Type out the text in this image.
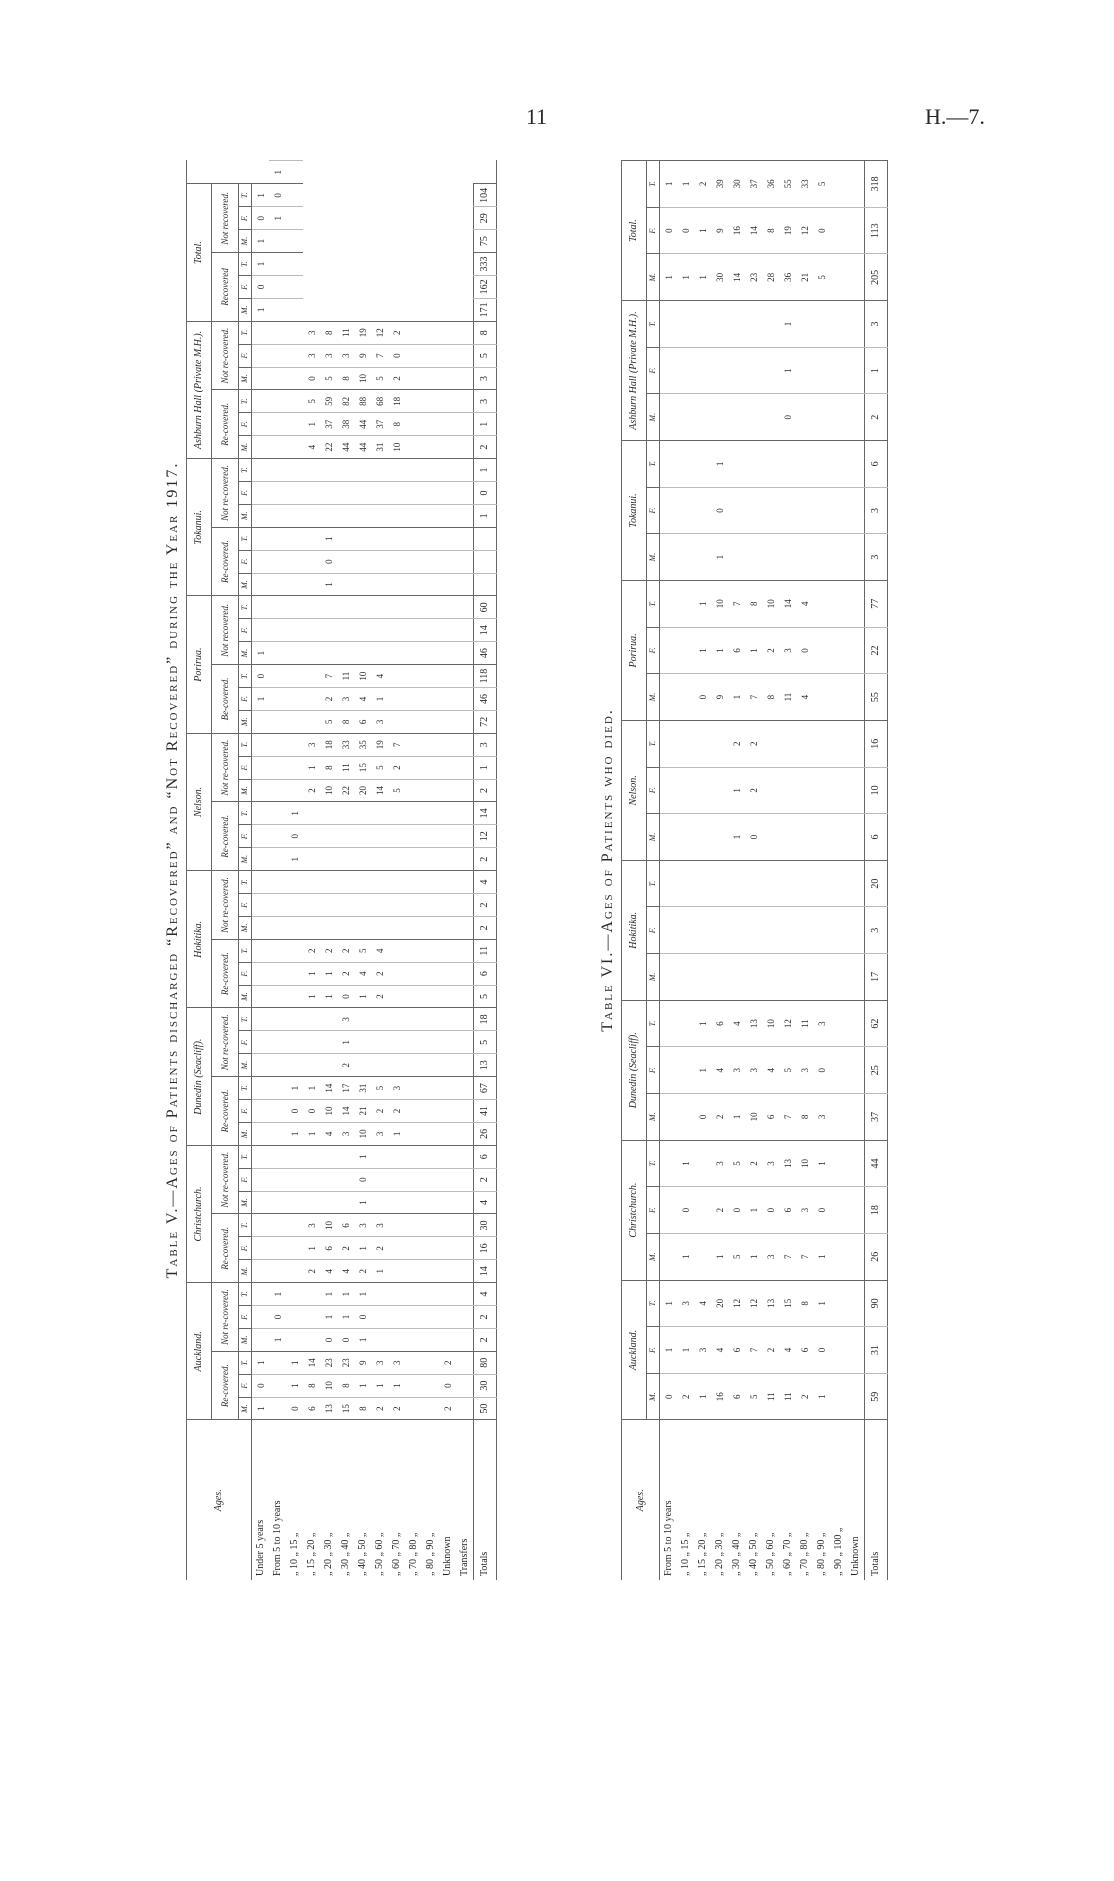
11	H.—7.
Table V.—Ages of Patients discharged “Recovered” and “Not Recovered” during the Year 1917.
Ages.	Auckland.						Christchurch.						Dunedin (Seacliff).						Hokitika.						Nelson.						Porirua.						Tokanui.						Ashburn Hall (Private M.H.).						Total.						
	Re-covered.			Not re-covered.			Re-covered.			Not re-covered.			Re-covered.			Not re-covered.			Re-covered.			Not re-covered.			Re-covered.			Not re-covered.			Be-covered.			Not recovered.			Re-covered.			Not re-covered.			Re-covered.			Not re-covered.			Recovered			Not recovered.			
	M.	F.	T.	M.	F.	T.	M.	F.	T.	M.	F.	T.	M.	F.	T.	M.	F.	T.	M.	F.	T.	M.	F.	T.	M.	F.	T.	M.	F.	T.	M.	F.	T.	M.	F.	T.	M.	F.	T.	M.	F.	T.	M.	F.	T.	M.	F.	T.	M.	F.	T.	M.	F.	T.	
Under 5 years	1	0	1																													1	0	1															1	0	1	1	0	1	
From 5 to 10 years				1	0	1																																															1	0	1
„ 10 „ 15 „	0	1	1										1	0	1										1	0	1																												
„ 15 „ 20 „	6	8	14				2	1	3				1	0	1				1	1	2							2	1	3													4	1	5	0	3	3							
„ 20 „ 30 „	13	10	23	0	1	1	4	6	10				4	10	14				1	1	2							10	8	18	5	2	7				1	0	1				22	37	59	5	3	8							
„ 30 „ 40 „	15	8	23	0	1	1	4	2	6				3	14	17	2	1	3	0	2	2							22	11	33	8	3	11										44	38	82	8	3	11							
„ 40 „ 50 „	8	1	9	1	0	1	2	1	3	1	0	1	10	21	31				1	4	5							20	15	35	6	4	10										44	44	88	10	9	19							
„ 50 „ 60 „	2	1	3				1	2	3				3	2	5				2	2	4							14	5	19	3	1	4										31	37	68	5	7	12							
„ 60 „ 70 „	2	1	3										1	2	3													5	2	7													10	8	18	2	0	2							
„ 70 „ 80 „																																																							
„ 80 „ 90 „																																																							
Unknown	2	0	2																																																				
Transfers																																																							
Totals	50	30	80	2	2	4	14	16	30	4	2	6	26	41	67	13	5	18	5	6	11	2	2	4	2	12	14	2	1	3	72	46	118	46	14	60				1	0	1	2	1	3	3	5	8	171	162	333	75	29	104	
Table VI.—Ages of Patients who died.
Ages.	Auckland.			Christchurch.			Dunedin (Seacliff).			Hokitika.			Nelson.			Porirua.			Tokanui.			Ashburn Hall (Private M.H.).			Total.		
	M.	F.	T.	M.	F.	T.	M.	F.	T.	M.	F.	T.	M.	F.	T.	M.	F.	T.	M.	F.	T.	M.	F.	T.	M.	F.	T.
From 5 to 10 years	0	1	1																						1	0	1
„ 10 „ 15 „	2	1	3	1	0	1																			1	0	1
„ 15 „ 20 „	1	3	4				0	1	1							0	1	1							1	1	2
„ 20 „ 30 „	16	4	20	1	2	3	2	4	6							9	1	10	1	0	1				30	9	39
„ 30 „ 40 „	6	6	12	5	0	5	1	3	4				1	1	2	1	6	7							14	16	30
„ 40 „ 50 „	5	7	12	1	1	2	10	3	13				0	2	2	7	1	8							23	14	37
„ 50 „ 60 „	11	2	13	3	0	3	6	4	10							8	2	10							28	8	36
„ 60 „ 70 „	11	4	15	7	6	13	7	5	12							11	3	14				0	1	1	36	19	55
„ 70 „ 80 „	2	6	8	7	3	10	8	3	11							4	0	4							21	12	33
„ 80 „ 90 „	1	0	1	1	0	1	3	0	3																5	0	5
„ 90 „ 100 „																											
Unknown																											
Totals	59	31	90	26	18	44	37	25	62	17	3	20	6	10	16	55	22	77	3	3	6	2	1	3	205	113	318
